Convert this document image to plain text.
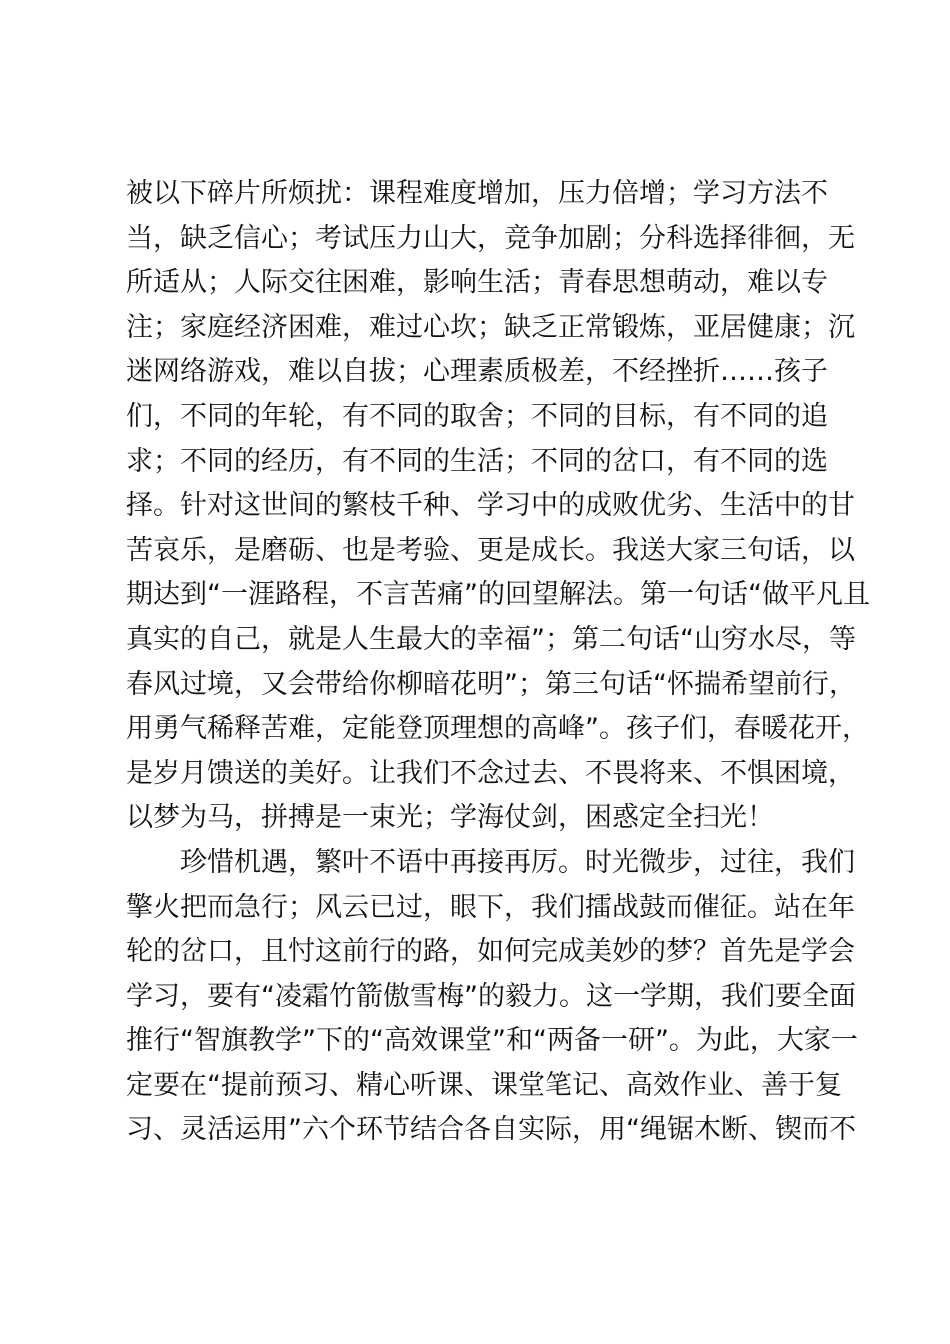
被以下碎片所烦扰：课程难度增加，压力倍增；学习方法不
当，缺乏信心；考试压力山大，竞争加剧；分科选择徘徊，无
所适从；人际交往困难，影响生活；青春思想萌动，难以专
注；家庭经济困难，难过心坎；缺乏正常锻炼，亚居健康；沉
迷网络游戏，难以自拔；心理素质极差，不经挫折……孩子
们，不同的年轮，有不同的取舍；不同的目标，有不同的追
求；不同的经历，有不同的生活；不同的岔口，有不同的选
择。针对这世间的繁枝千种、学习中的成败优劣、生活中的甘
苦哀乐，是磨砺、也是考验、更是成长。我送大家三句话，以
期达到“一涯路程，不言苦痛”的回望解法。第一句话“做平凡且
真实的自己，就是人生最大的幸福”；第二句话“山穷水尽，等
春风过境，又会带给你柳暗花明”；第三句话“怀揣希望前行，
用勇气稀释苦难，定能登顶理想的高峰”。孩子们，春暖花开，
是岁月馈送的美好。让我们不念过去、不畏将来、不惧困境，
以梦为马，拼搏是一束光；学海仗剑，困惑定全扫光！
珍惜机遇，繁叶不语中再接再厉。时光微步，过往，我们
擎火把而急行；风云已过，眼下，我们擂战鼓而催征。站在年
轮的岔口，且忖这前行的路，如何完成美妙的梦？首先是学会
学习，要有“凌霜竹箭傲雪梅”的毅力。这一学期，我们要全面
推行“智旗教学”下的“高效课堂”和“两备一研”。为此，大家一
定要在“提前预习、精心听课、课堂笔记、高效作业、善于复
习、灵活运用”六个环节结合各自实际，用“绳锯木断、锲而不
